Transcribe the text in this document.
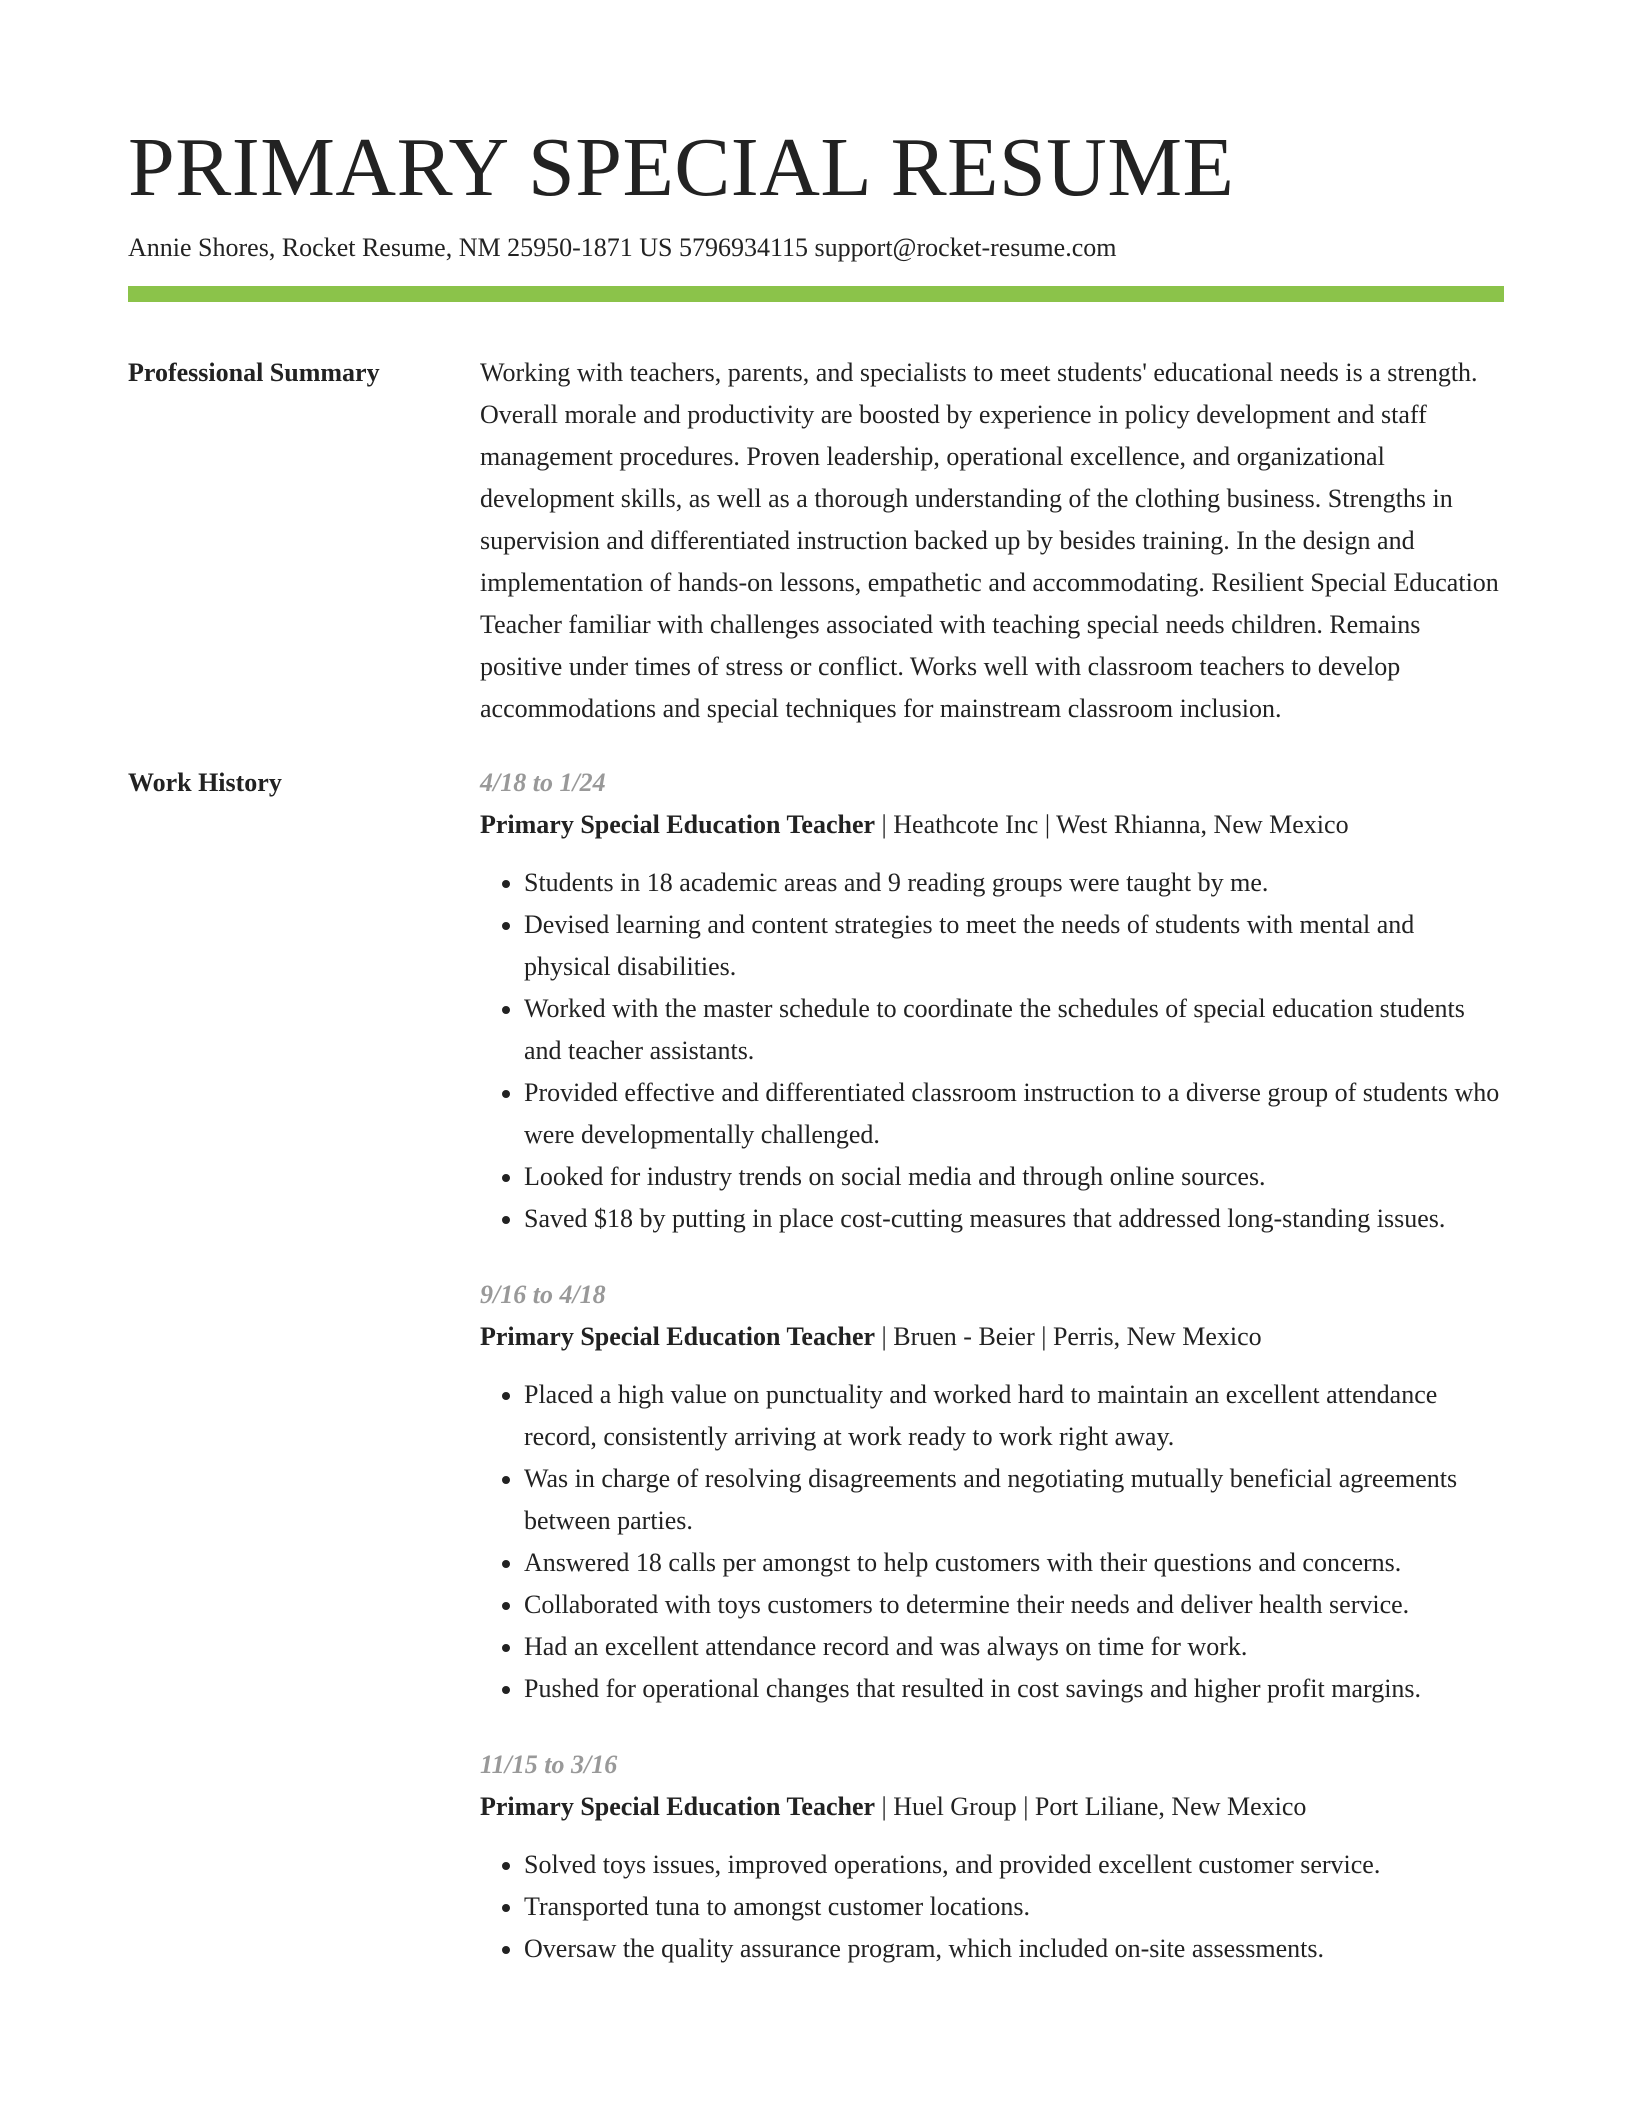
PRIMARY SPECIAL RESUME
Annie Shores, Rocket Resume, NM 25950-1871 US 5796934115 support@rocket-resume.com
Professional Summary	Working with teachers, parents, and specialists to meet students' educational needs is a strength. Overall morale and productivity are boosted by experience in policy development and staff management procedures. Proven leadership, operational excellence, and organizational development skills, as well as a thorough understanding of the clothing business. Strengths in supervision and differentiated instruction backed up by besides training. In the design and implementation of hands-on lessons, empathetic and accommodating. Resilient Special Education Teacher familiar with challenges associated with teaching special needs children. Remains positive under times of stress or conflict. Works well with classroom teachers to develop accommodations and special techniques for mainstream classroom inclusion.

Work History	4/18 to 1/24
Primary Special Education Teacher | Heathcote Inc | West Rhianna, New Mexico
• Students in 18 academic areas and 9 reading groups were taught by me.
• Devised learning and content strategies to meet the needs of students with mental and physical disabilities.
• Worked with the master schedule to coordinate the schedules of special education students and teacher assistants.
• Provided effective and differentiated classroom instruction to a diverse group of students who were developmentally challenged.
• Looked for industry trends on social media and through online sources.
• Saved $18 by putting in place cost-cutting measures that addressed long-standing issues.
9/16 to 4/18
Primary Special Education Teacher | Bruen - Beier | Perris, New Mexico
• Placed a high value on punctuality and worked hard to maintain an excellent attendance record, consistently arriving at work ready to work right away.
• Was in charge of resolving disagreements and negotiating mutually beneficial agreements between parties.
• Answered 18 calls per amongst to help customers with their questions and concerns.
• Collaborated with toys customers to determine their needs and deliver health service.
• Had an excellent attendance record and was always on time for work.
• Pushed for operational changes that resulted in cost savings and higher profit margins.
11/15 to 3/16
Primary Special Education Teacher | Huel Group | Port Liliane, New Mexico
• Solved toys issues, improved operations, and provided excellent customer service.
• Transported tuna to amongst customer locations.
• Oversaw the quality assurance program, which included on-site assessments.
